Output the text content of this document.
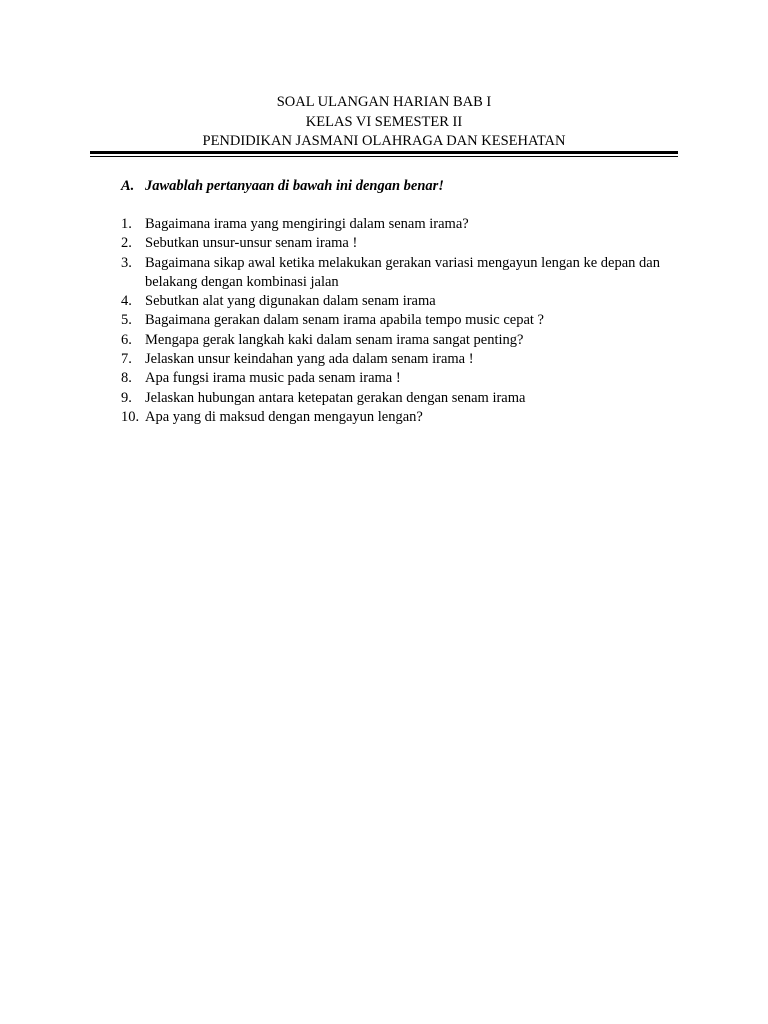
SOAL ULANGAN HARIAN BAB I
KELAS VI SEMESTER II
PENDIDIKAN JASMANI OLAHRAGA DAN KESEHATAN
A. Jawablah pertanyaan di bawah ini dengan benar!
1. Bagaimana irama yang mengiringi dalam senam irama?
2. Sebutkan unsur-unsur senam irama !
3. Bagaimana sikap awal ketika melakukan gerakan variasi mengayun lengan ke depan dan belakang dengan kombinasi jalan
4. Sebutkan alat yang digunakan dalam senam irama
5. Bagaimana gerakan dalam senam irama apabila tempo music cepat ?
6. Mengapa gerak langkah kaki dalam senam irama sangat penting?
7. Jelaskan unsur keindahan yang ada dalam senam irama !
8. Apa fungsi irama music pada senam irama !
9. Jelaskan hubungan antara ketepatan gerakan dengan senam irama
10. Apa yang di maksud dengan mengayun lengan?
